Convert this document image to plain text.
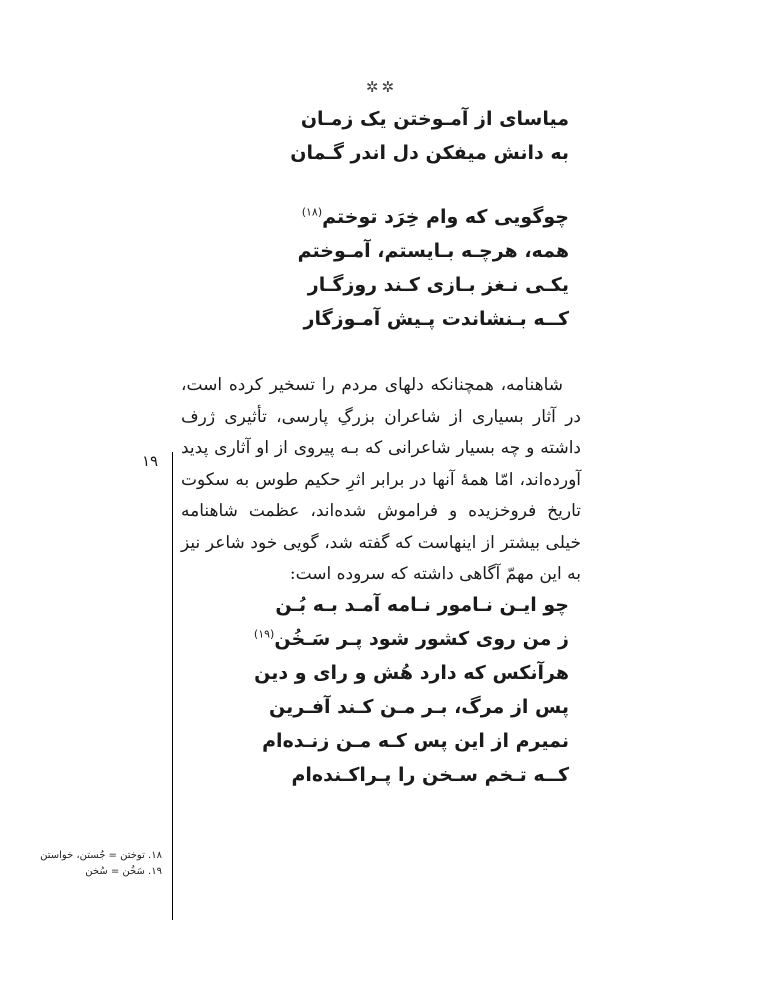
✲✲
میاسای از آمـوختن یک زمـان
به دانش میفکن دل اندر گـمان
چوگویی که وام خِرَد توختم$^{(۱۸)}$
همه، هرچـه بـایستم، آمـوختم
یکـی نـغز بـازی کـند روزگـار
کــه بـنشاندت پـیش آمـوزگار

شاهنامه، همچنانکه دلهای مردم را تسخیر کرده است، در آثار بسیاری از شاعران بزرگِ پارسی، تأثیری ژرف داشته و چه بسیار شاعرانی که بـه پیروی از او آثاری پدید آورده‌اند، امّا همهٔ آنها در برابر اثرِ حکیم طوس به سکوت تاریخ فروخزیده و فراموش شده‌اند، عظمت شاهنامه خیلی بیشتر از اینهاست که گفته شد، گویی خود شاعر نیز به این مهمّ آگاهی داشته که سروده است:

چو ایـن نـامور نـامه آمـد بـه بُـن
ز من روی کشور شود پـر سَـخُن$^{(۱۹)}$
هرآنکس که دارد هُش و رای و دین
پس از مرگ، بـر مـن کـند آفـرین
نمیرم از این پس کـه مـن زنـده‌ام
کــه تـخم سـخن را پـراکـنده‌ام
۱۹
۱۸. توختن = جُستن، خواستن
۱۹. سَخُن = سُخن
